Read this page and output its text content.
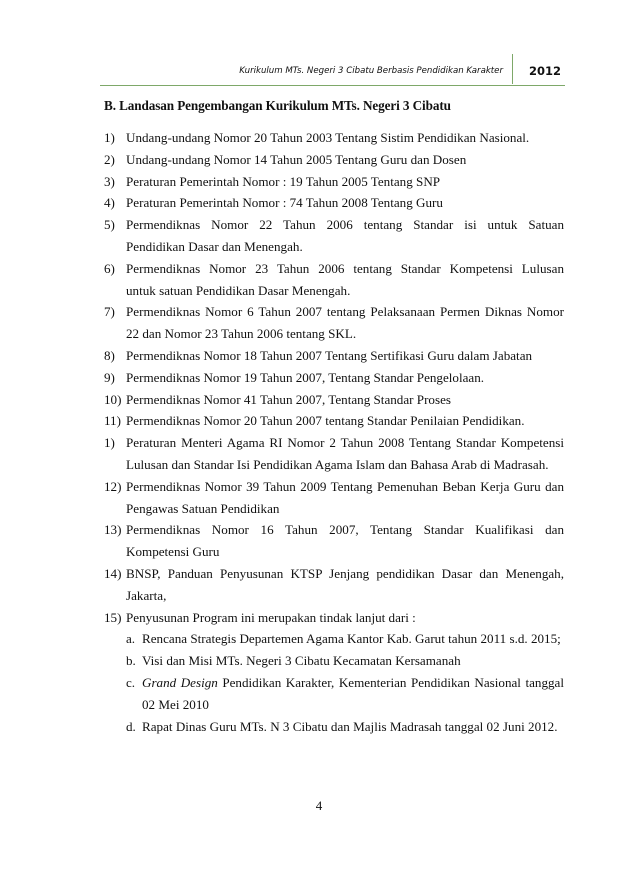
Kurikulum MTs. Negeri 3 Cibatu Berbasis Pendidikan Karakter 2012
B. Landasan Pengembangan Kurikulum MTs. Negeri 3 Cibatu
1) Undang-undang Nomor 20 Tahun 2003 Tentang Sistim Pendidikan Nasional.
2) Undang-undang Nomor 14 Tahun 2005 Tentang Guru dan Dosen
3) Peraturan Pemerintah Nomor : 19 Tahun 2005 Tentang SNP
4) Peraturan Pemerintah Nomor : 74 Tahun 2008 Tentang Guru
5) Permendiknas Nomor 22 Tahun 2006 tentang Standar isi untuk Satuan
Pendidikan Dasar dan Menengah.
6) Permendiknas Nomor 23 Tahun 2006 tentang Standar Kompetensi Lulusan
untuk satuan Pendidikan Dasar Menengah.
7) Permendiknas Nomor 6 Tahun 2007 tentang Pelaksanaan Permen Diknas Nomor
22 dan Nomor 23 Tahun 2006 tentang SKL.
8) Permendiknas Nomor 18 Tahun 2007 Tentang Sertifikasi Guru dalam Jabatan
9) Permendiknas Nomor 19 Tahun 2007, Tentang Standar Pengelolaan.
10) Permendiknas Nomor 41 Tahun 2007, Tentang Standar Proses
11) Permendiknas Nomor 20 Tahun 2007 tentang Standar Penilaian Pendidikan.
1) Peraturan Menteri Agama RI Nomor 2 Tahun 2008 Tentang Standar Kompetensi
Lulusan dan Standar Isi Pendidikan Agama Islam dan Bahasa Arab di Madrasah.
12) Permendiknas Nomor 39 Tahun 2009 Tentang Pemenuhan Beban Kerja Guru dan
Pengawas Satuan Pendidikan
13) Permendiknas Nomor 16 Tahun 2007, Tentang Standar Kualifikasi dan
Kompetensi Guru
14) BNSP, Panduan Penyusunan KTSP Jenjang pendidikan Dasar dan Menengah,
Jakarta,
15) Penyusunan Program ini merupakan tindak lanjut dari :
a. Rencana Strategis Departemen Agama Kantor Kab. Garut tahun 2011 s.d. 2015;
b. Visi dan Misi MTs. Negeri 3 Cibatu Kecamatan Kersamanah
c. Grand Design Pendidikan Karakter, Kementerian Pendidikan Nasional tanggal
02 Mei 2010
d. Rapat Dinas Guru MTs. N 3 Cibatu dan Majlis Madrasah tanggal 02 Juni 2012.
4
